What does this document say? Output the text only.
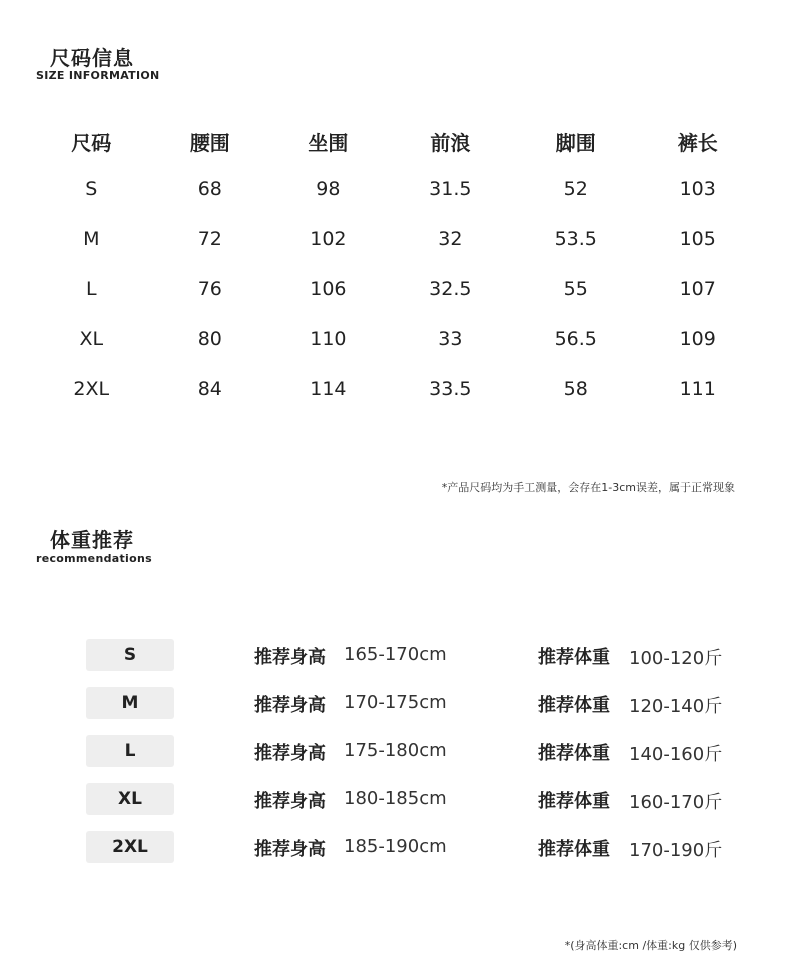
尺码信息
SIZE INFORMATION
尺码	腰围	坐围	前浪	脚围	裤长
S	68	98	31.5	52	103
M	72	102	32	53.5	105
L	76	106	32.5	55	107
XL	80	110	33	56.5	109
2XL	84	114	33.5	58	111
*产品尺码均为手工测量，会存在1-3cm误差，属于正常现象
体重推荐
recommendations
S	推荐身高 165-170cm	推荐体重 100-120斤
M	推荐身高 170-175cm	推荐体重 120-140斤
L	推荐身高 175-180cm	推荐体重 140-160斤
XL	推荐身高 180-185cm	推荐体重 160-170斤
2XL	推荐身高 185-190cm	推荐体重 170-190斤
*(身高体重:cm /体重:kg 仅供参考)
